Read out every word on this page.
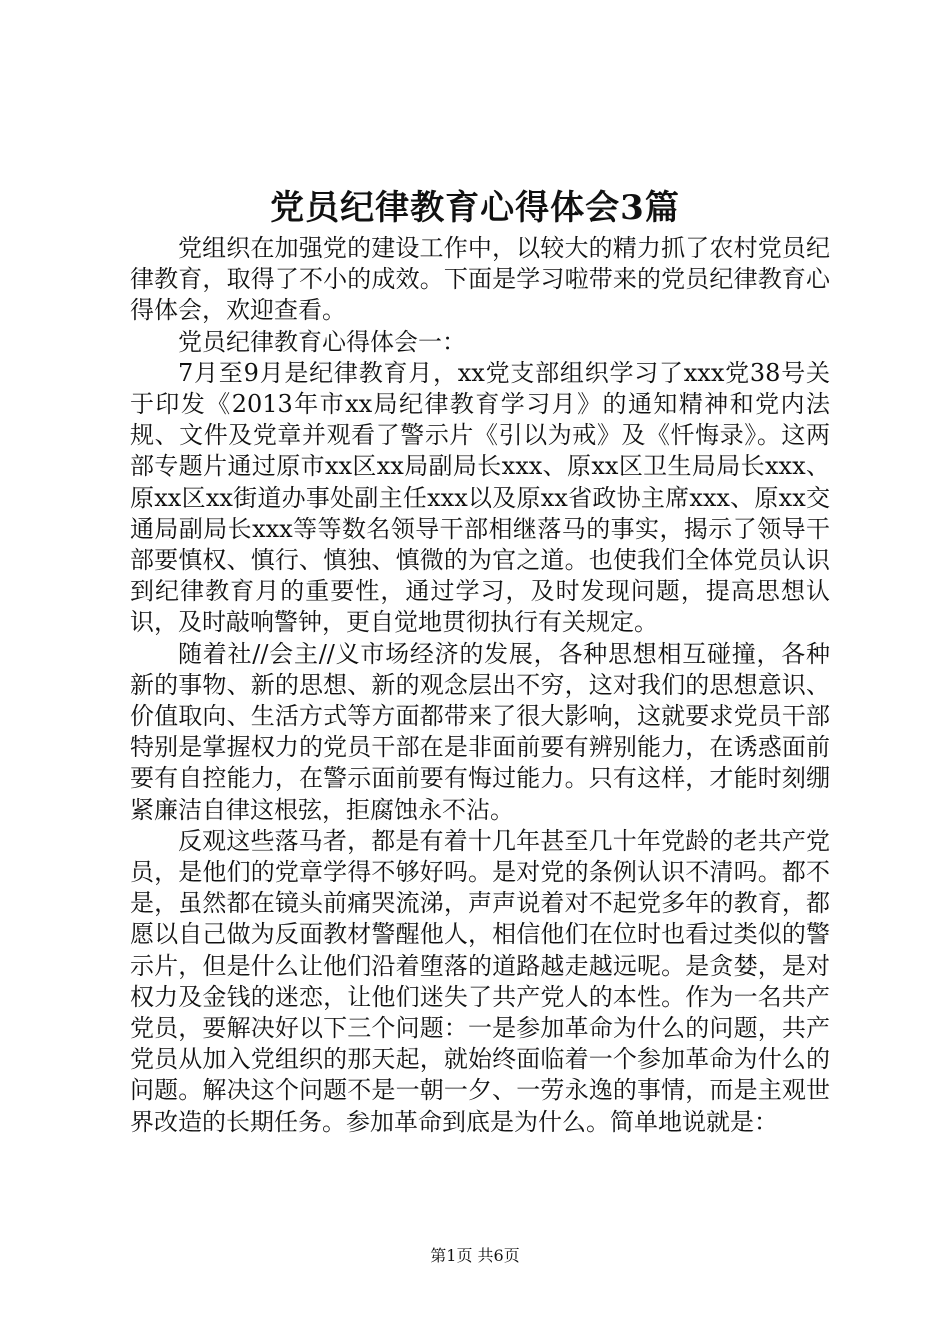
党员纪律教育心得体会3篇

党组织在加强党的建设工作中，以较大的精力抓了农村党员纪律教育，取得了不小的成效。下面是学习啦带来的党员纪律教育心得体会，欢迎查看。

党员纪律教育心得体会一：

7月至9月是纪律教育月，xx党支部组织学习了xxx党38号关于印发《2013年市xx局纪律教育学习月》的通知精神和党内法规、文件及党章并观看了警示片《引以为戒》及《忏悔录》。这两部专题片通过原市xx区xx局副局长xxx、原xx区卫生局局长xxx、原xx区xx街道办事处副主任xxx以及原xx省政协主席xxx、原xx交通局副局长xxx等等数名领导干部相继落马的事实，揭示了领导干部要慎权、慎行、慎独、慎微的为官之道。也使我们全体党员认识到纪律教育月的重要性，通过学习，及时发现问题，提高思想认识，及时敲响警钟，更自觉地贯彻执行有关规定。

随着社//会主//义市场经济的发展，各种思想相互碰撞，各种新的事物、新的思想、新的观念层出不穷，这对我们的思想意识、价值取向、生活方式等方面都带来了很大影响，这就要求党员干部特别是掌握权力的党员干部在是非面前要有辨别能力，在诱惑面前要有自控能力，在警示面前要有悔过能力。只有这样，才能时刻绷紧廉洁自律这根弦，拒腐蚀永不沾。

反观这些落马者，都是有着十几年甚至几十年党龄的老共产党员，是他们的党章学得不够好吗。是对党的条例认识不清吗。都不是，虽然都在镜头前痛哭流涕，声声说着对不起党多年的教育，都愿以自己做为反面教材警醒他人，相信他们在位时也看过类似的警示片，但是什么让他们沿着堕落的道路越走越远呢。是贪婪，是对权力及金钱的迷恋，让他们迷失了共产党人的本性。作为一名共产党员，要解决好以下三个问题：一是参加革命为什么的问题，共产党员从加入党组织的那天起，就始终面临着一个参加革命为什么的问题。解决这个问题不是一朝一夕、一劳永逸的事情，而是主观世界改造的长期任务。参加革命到底是为什么。简单地说就是：

第1页 共6页
